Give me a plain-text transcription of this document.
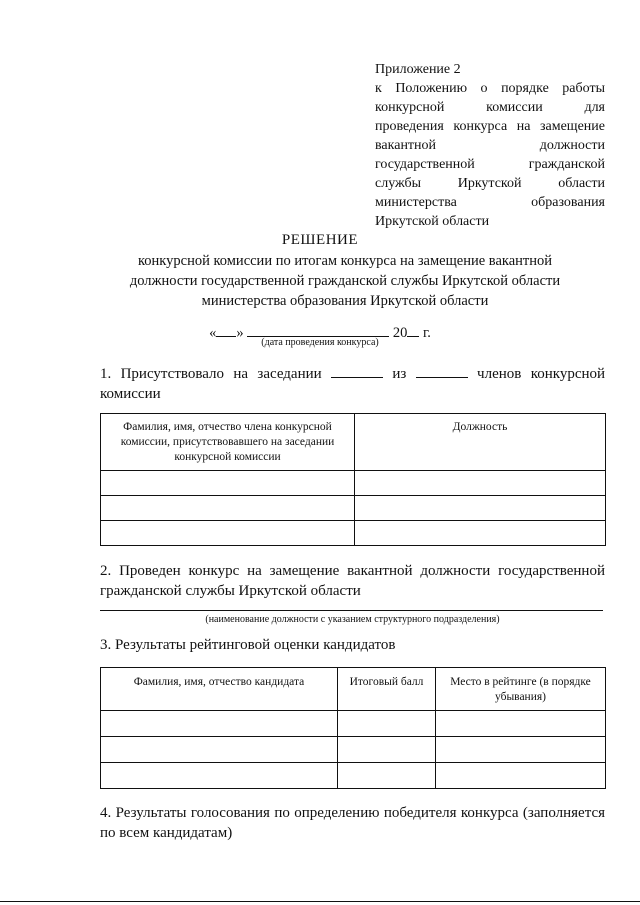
Приложение 2
к Положению о порядке работы
конкурсной комиссии для
проведения конкурса на замещение
вакантной должности
государственной гражданской
службы Иркутской области
министерства образования
Иркутской области
РЕШЕНИЕ
конкурсной комиссии по итогам конкурса на замещение вакантной должности государственной гражданской службы Иркутской области министерства образования Иркутской области
« »	20 г.
(дата проведения конкурса)
1. Присутствовало на заседании	из	членов конкурсной
комиссии
Фамилия, имя, отчество члена конкурсной комиссии, присутствовавшего на заседании конкурсной комиссии	Должность

2. Проведен конкурс на замещение вакантной должности государственной
гражданской службы Иркутской области
(наименование должности с указанием структурного подразделения)
3. Результаты рейтинговой оценки кандидатов
Фамилия, имя, отчество кандидата	Итоговый балл	Место в рейтинге (в порядке убывания)

4. Результаты голосования по определению победителя конкурса (заполняется
по всем кандидатам)
